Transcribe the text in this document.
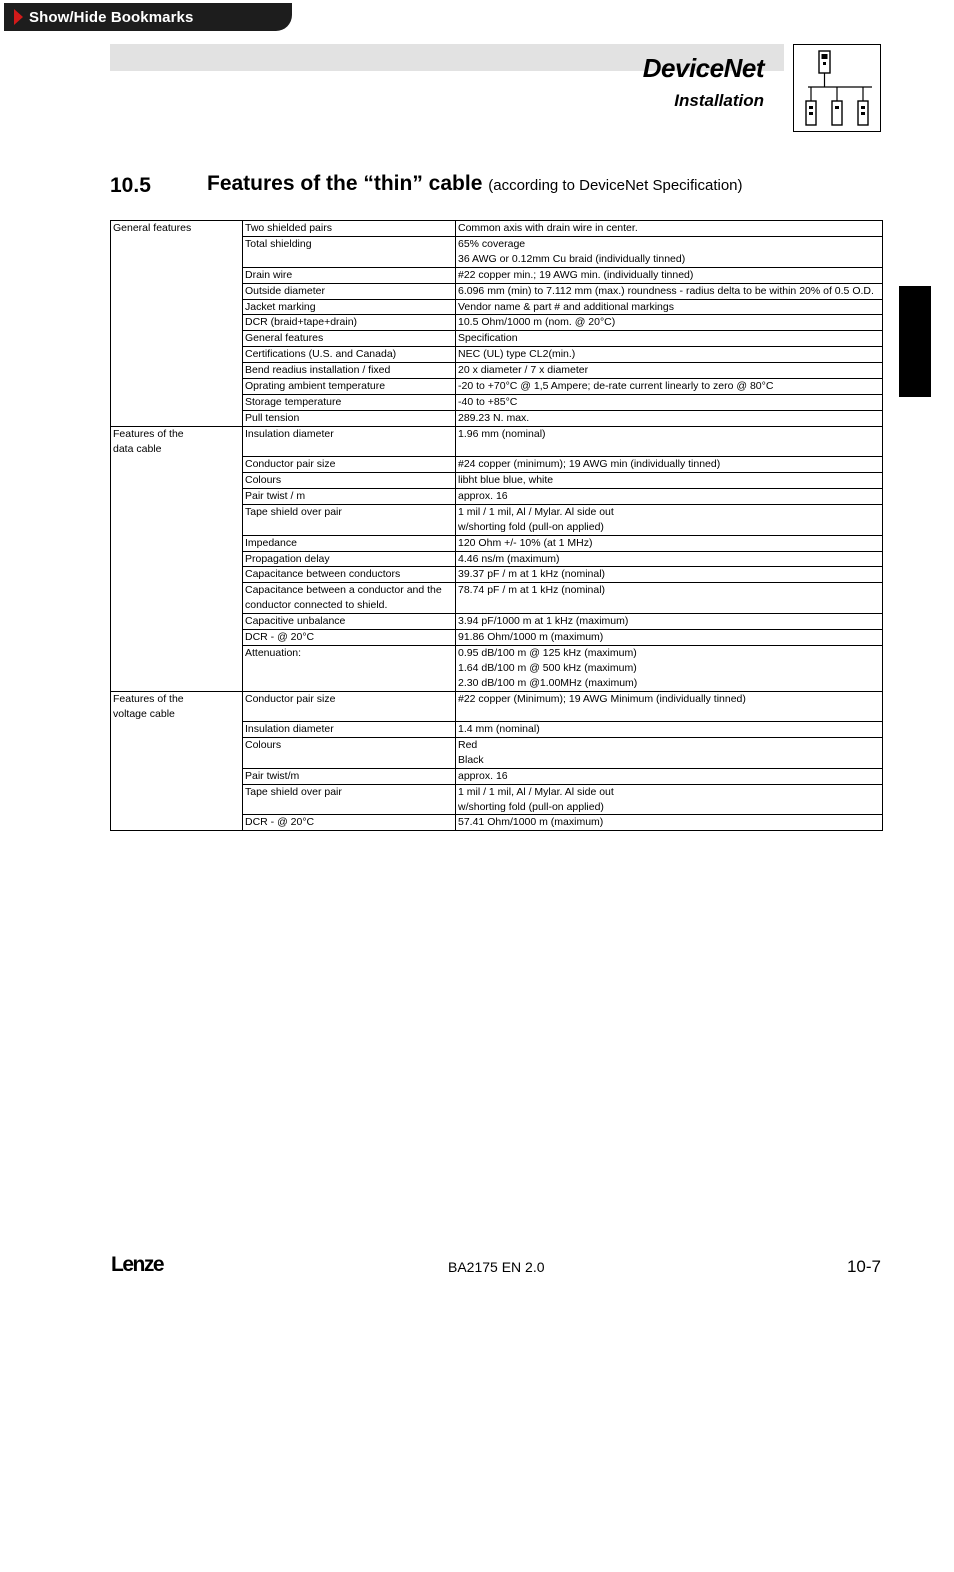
Show/Hide Bookmarks
DeviceNet
Installation
10.5	Features of the “thin” cable (according to DeviceNet Specification)
General features	Two shielded pairs	Common axis with drain wire in center.
	Total shielding	65% coverage
36 AWG or 0.12mm Cu braid (individually tinned)
	Drain wire	#22 copper min.; 19 AWG min. (individually tinned)
	Outside diameter	6.096 mm (min) to 7.112 mm (max.) roundness - radius delta to be within 20% of 0.5 O.D.
	Jacket marking	Vendor name & part # and additional markings
	DCR (braid+tape+drain)	10.5 Ohm/1000 m (nom. @ 20°C)
	General features	Specification
	Certifications (U.S. and Canada)	NEC (UL) type CL2(min.)
	Bend readius installation / fixed	20 x diameter / 7 x diameter
	Oprating ambient temperature	-20 to +70°C @ 1,5 Ampere; de-rate current linearly to zero @ 80°C
	Storage temperature	-40 to +85°C
	Pull tension	289.23 N. max.
Features of the
data cable	Insulation diameter	1.96 mm (nominal)
	Conductor pair size	#24 copper (minimum); 19 AWG min (individually tinned)
	Colours	libht blue blue, white
	Pair twist / m	approx. 16
	Tape shield over pair	1 mil / 1 mil, Al / Mylar. Al side out
w/shorting fold (pull-on applied)
	Impedance	120 Ohm +/- 10% (at 1 MHz)
	Propagation delay	4.46 ns/m (maximum)
	Capacitance between conductors	39.37 pF / m at 1 kHz (nominal)
	Capacitance between a conductor and the conductor connected to shield.	78.74 pF / m at 1 kHz (nominal)
	Capacitive unbalance	3.94 pF/1000 m at 1 kHz (maximum)
	DCR - @ 20°C	91.86 Ohm/1000 m (maximum)
	Attenuation:	0.95 dB/100 m @ 125 kHz (maximum)
1.64 dB/100 m @ 500 kHz (maximum)
2.30 dB/100 m @1.00MHz (maximum)
Features of the
voltage cable	Conductor pair size	#22 copper (Minimum); 19 AWG Minimum (individually tinned)
	Insulation diameter	1.4 mm (nominal)
	Colours	Red
Black
	Pair twist/m	approx. 16
	Tape shield over pair	1 mil / 1 mil, Al / Mylar. Al side out
w/shorting fold (pull-on applied)
	DCR - @ 20°C	57.41 Ohm/1000 m (maximum)
Lenze	BA2175 EN 2.0	10-7
